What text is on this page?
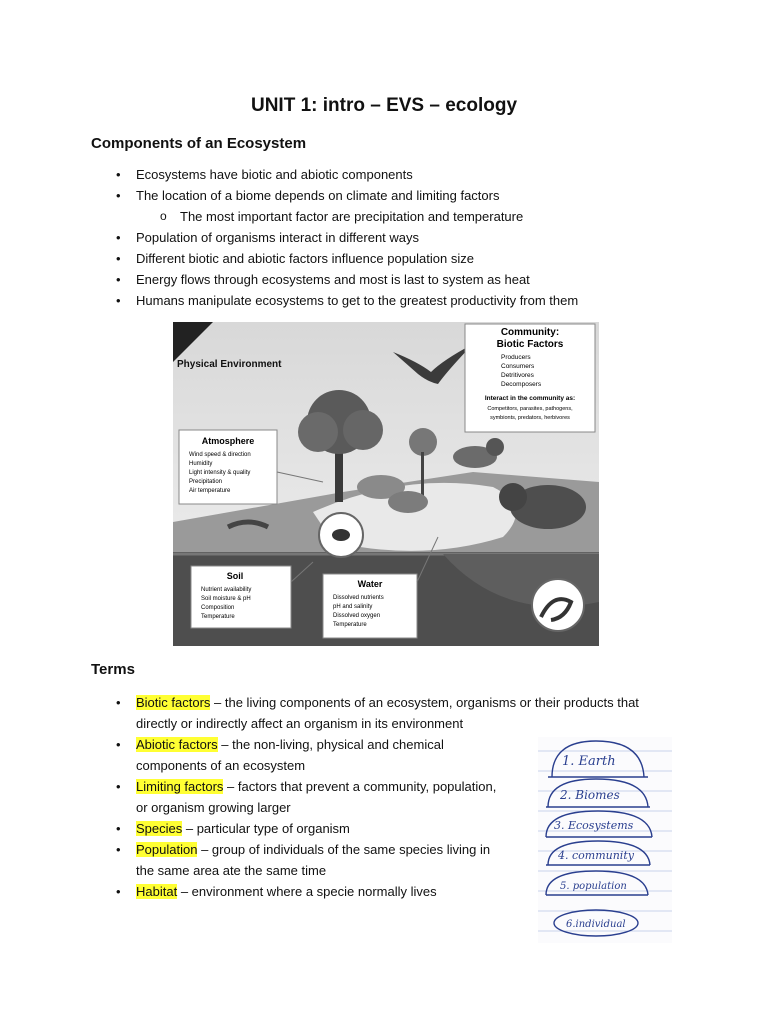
UNIT 1: intro – EVS – ecology
Components of an Ecosystem
• Ecosystems have biotic and abiotic components
• The location of a biome depends on climate and limiting factors
o The most important factor are precipitation and temperature
• Population of organisms interact in different ways
• Different biotic and abiotic factors influence population size
• Energy flows through ecosystems and most is last to system as heat
• Humans manipulate ecosystems to get to the greatest productivity from them
Physical Environment
Community:
Biotic Factors
Producers
Consumers
Detritivores
Decomposers
Interact in the community as:
Competitors, parasites, pathogens,
symbionts, predators, herbivores
Atmosphere
Wind speed & direction
Humidity
Light intensity & quality
Precipitation
Air temperature
Soil
Nutrient availability
Soil moisture & pH
Composition
Temperature
Water
Dissolved nutrients
pH and salinity
Dissolved oxygen
Temperature
Terms
• Biotic factors – the living components of an ecosystem, organisms or their products that
directly or indirectly affect an organism in its environment
• Abiotic factors – the non-living, physical and chemical
components of an ecosystem
• Limiting factors – factors that prevent a community, population,
or organism growing larger
• Species – particular type of organism
• Population – group of individuals of the same species living in
the same area ate the same time
• Habitat – environment where a specie normally lives
1. Earth
2. Biomes
3. Ecosystems
4. community
5. population
6.individual
